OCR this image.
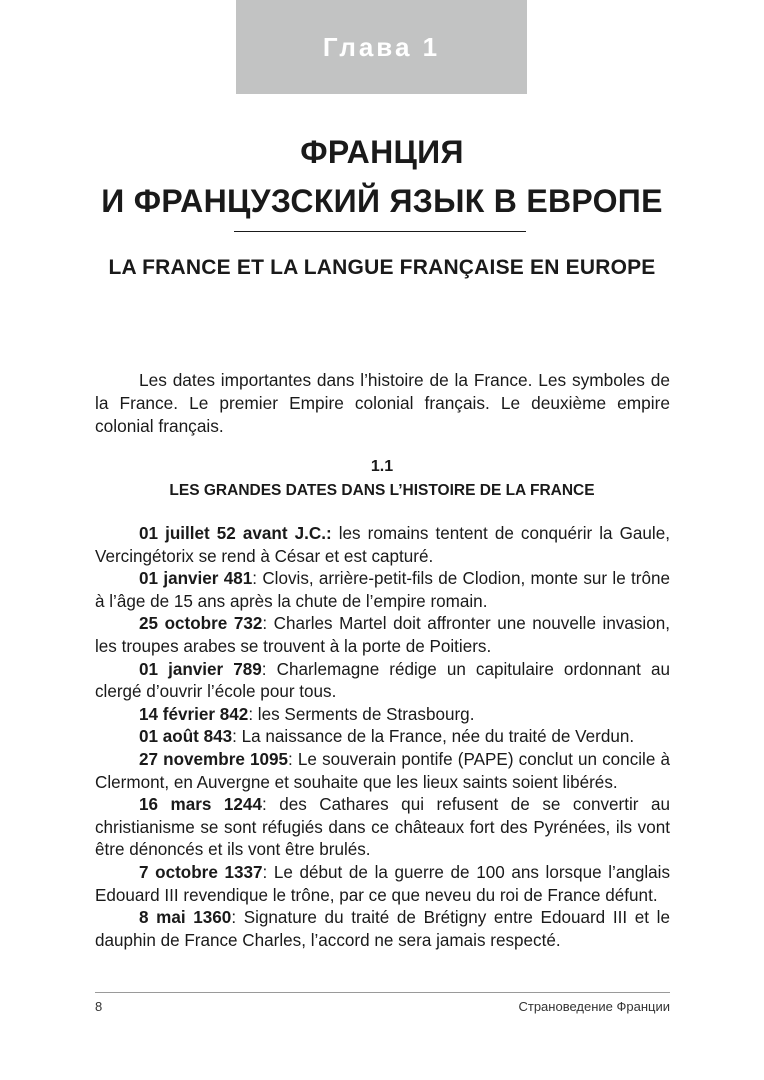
Глава 1
ФРАНЦИЯ
И ФРАНЦУЗСКИЙ ЯЗЫК В ЕВРОПЕ
LA FRANCE ET LA LANGUE FRANÇAISE EN EUROPE

Les dates importantes dans l’histoire de la France. Les symboles de la France. Le premier Empire colonial français. Le deuxième empire colonial français.

1.1
LES GRANDES DATES DANS L’HISTOIRE DE LA FRANCE

01 juillet 52 avant J.C.: les romains tentent de conquérir la Gaule, Vercingétorix se rend à César et est capturé.

01 janvier 481: Clovis, arrière-petit-fils de Clodion, monte sur le trône à l’âge de 15 ans après la chute de l’empire romain.

25 octobre 732: Charles Martel doit affronter une nouvelle invasion, les troupes arabes se trouvent à la porte de Poitiers.

01 janvier 789: Charlemagne rédige un capitulaire ordonnant au clergé d’ouvrir l’école pour tous.

14 février 842: les Serments de Strasbourg.

01 août 843: La naissance de la France, née du traité de Verdun.

27 novembre 1095: Le souverain pontife (PAPE) conclut un concile à Clermont, en Auvergne et souhaite que les lieux saints soient libérés.

16 mars 1244: des Cathares qui refusent de se convertir au christianisme se sont réfugiés dans ce châteaux fort des Pyrénées, ils vont être dénoncés et ils vont être brulés.

7 octobre 1337: Le début de la guerre de 100 ans lorsque l’anglais Edouard III revendique le trône, par ce que neveu du roi de France défunt.

8 mai 1360: Signature du traité de Brétigny entre Edouard III et le dauphin de France Charles, l’accord ne sera jamais respecté.

8	Страноведение Франции
